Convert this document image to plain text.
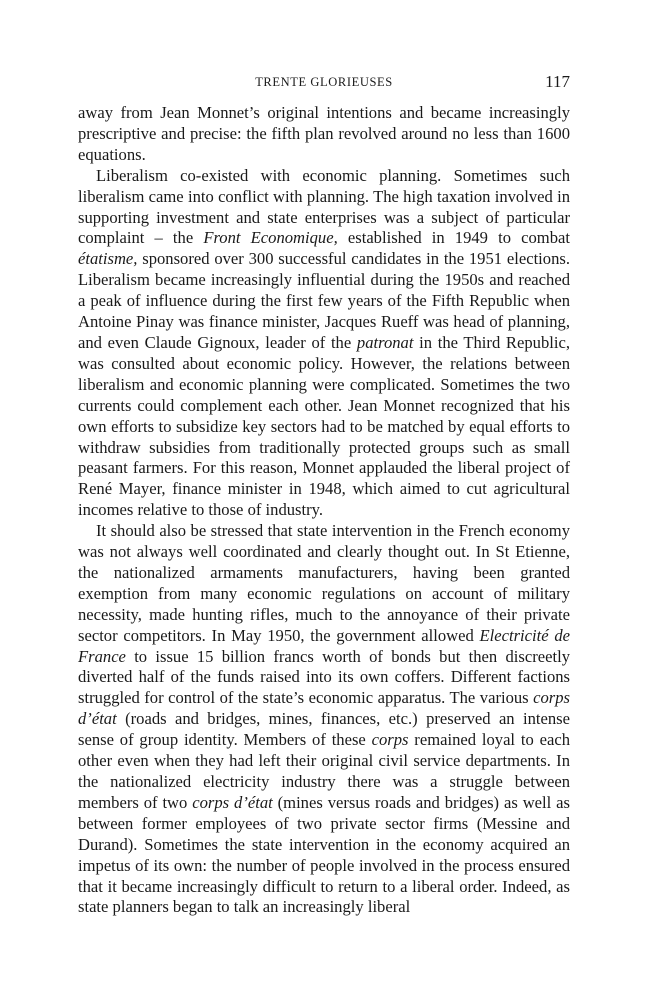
TRENTE GLORIEUSES	117

away from Jean Monnet’s original intentions and became increasingly prescriptive and precise: the fifth plan revolved around no less than 1600 equations.

Liberalism co-existed with economic planning. Sometimes such liberalism came into conflict with planning. The high taxation involved in supporting investment and state enterprises was a subject of particular complaint – the Front Economique, established in 1949 to combat étatisme, sponsored over 300 successful candidates in the 1951 elections. Liberalism became increasingly influential during the 1950s and reached a peak of influence during the first few years of the Fifth Republic when Antoine Pinay was finance minister, Jacques Rueff was head of planning, and even Claude Gignoux, leader of the patronat in the Third Republic, was consulted about economic policy. However, the relations between liberalism and economic planning were complicated. Sometimes the two currents could complement each other. Jean Monnet recognized that his own efforts to subsidize key sectors had to be matched by equal efforts to withdraw subsidies from traditionally protected groups such as small peasant farmers. For this reason, Monnet applauded the liberal project of René Mayer, finance minister in 1948, which aimed to cut agricultural incomes relative to those of industry.

It should also be stressed that state intervention in the French economy was not always well coordinated and clearly thought out. In St Etienne, the nationalized armaments manufacturers, having been granted exemption from many economic regulations on account of military necessity, made hunting rifles, much to the annoyance of their private sector competitors. In May 1950, the government allowed Electricité de France to issue 15 billion francs worth of bonds but then discreetly diverted half of the funds raised into its own coffers. Different factions struggled for control of the state’s economic apparatus. The various corps d’état (roads and bridges, mines, finances, etc.) preserved an intense sense of group identity. Members of these corps remained loyal to each other even when they had left their original civil service departments. In the nationalized electricity industry there was a struggle between members of two corps d’état (mines versus roads and bridges) as well as between former employees of two private sector firms (Messine and Durand). Sometimes the state intervention in the economy acquired an impetus of its own: the number of people involved in the process ensured that it became increasingly difficult to return to a liberal order. Indeed, as state planners began to talk an increasingly liberal
